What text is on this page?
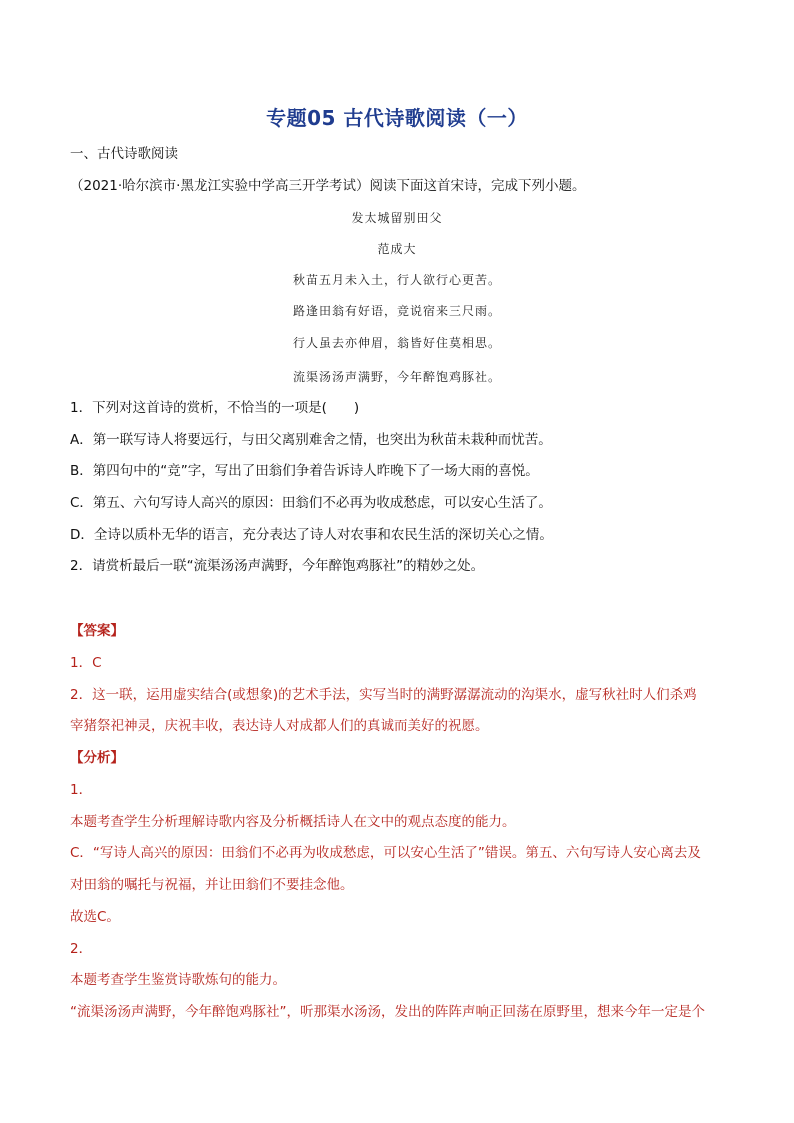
专题05 古代诗歌阅读（一）
一、古代诗歌阅读
（2021·哈尔滨市·黑龙江实验中学高三开学考试）阅读下面这首宋诗，完成下列小题。
发太城留别田父
范成大
秋苗五月未入土，行人欲行心更苦。
路逢田翁有好语，竞说宿来三尺雨。
行人虽去亦伸眉，翁皆好住莫相思。
流渠汤汤声满野，今年醉饱鸡豚社。
1．下列对这首诗的赏析，不恰当的一项是(　　)
A．第一联写诗人将要远行，与田父离别难舍之情，也突出为秋苗未栽种而忧苦。
B．第四句中的“竞”字，写出了田翁们争着告诉诗人昨晚下了一场大雨的喜悦。
C．第五、六句写诗人高兴的原因：田翁们不必再为收成愁虑，可以安心生活了。
D．全诗以质朴无华的语言，充分表达了诗人对农事和农民生活的深切关心之情。
2．请赏析最后一联“流渠汤汤声满野，今年醉饱鸡豚社”的精妙之处。
【答案】
1．C
2．这一联，运用虚实结合(或想象)的艺术手法，实写当时的满野潺潺流动的沟渠水，虚写秋社时人们杀鸡
宰猪祭祀神灵，庆祝丰收，表达诗人对成都人们的真诚而美好的祝愿。
【分析】
1．
本题考查学生分析理解诗歌内容及分析概括诗人在文中的观点态度的能力。
C．“写诗人高兴的原因：田翁们不必再为收成愁虑，可以安心生活了”错误。第五、六句写诗人安心离去及
对田翁的嘱托与祝福，并让田翁们不要挂念他。
故选C。
2．
本题考查学生鉴赏诗歌炼句的能力。
“流渠汤汤声满野，今年醉饱鸡豚社”，听那渠水汤汤，发出的阵阵声响正回荡在原野里，想来今年一定是个
